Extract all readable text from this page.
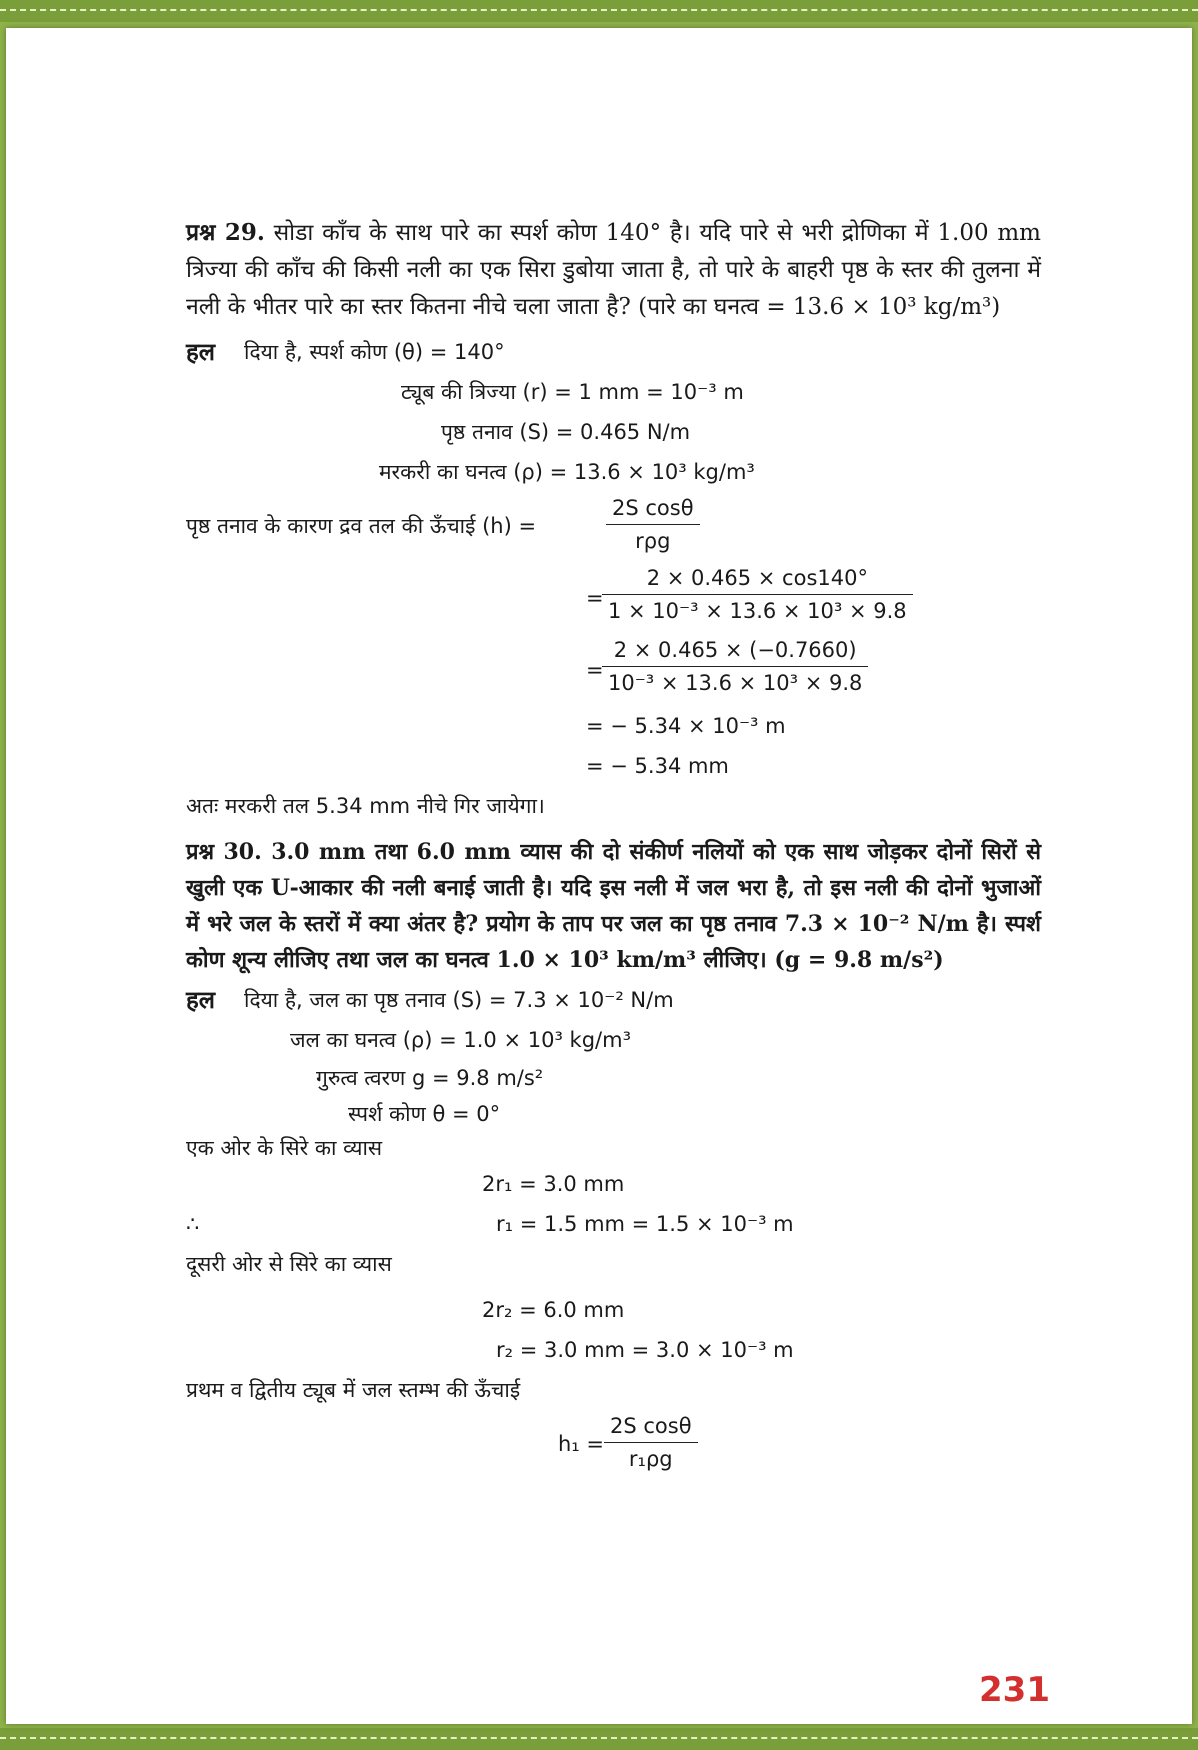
प्रश्न 29. सोडा काँच के साथ पारे का स्पर्श कोण 140° है। यदि पारे से भरी द्रोणिका में 1.00 mm त्रिज्या की काँच की किसी नली का एक सिरा डुबोया जाता है, तो पारे के बाहरी पृष्ठ के स्तर की तुलना में नली के भीतर पारे का स्तर कितना नीचे चला जाता है? (पारे का घनत्व = 13.6 × 10³ kg/m³)

हल दिया है, स्पर्श कोण (θ) = 140°
ट्यूब की त्रिज्या (r) = 1 mm = 10⁻³ m
पृष्ठ तनाव (S) = 0.465 N/m
मरकरी का घनत्व (ρ) = 13.6 × 10³ kg/m³
पृष्ठ तनाव के कारण द्रव तल की ऊँचाई (h) =
2S cosθ
rρg
=
$\frac{2 \times 0.465 \times \cos 140^\circ}{\text{1 × 10⁻³ × 13.6 × 10³ × 9.8}}$
=
$\frac{2 \times 0.465 \times (-0.7660)}{\text{10⁻³ × 13.6 × 10³ × 9.8}}$
= − 5.34 × 10⁻³ m
= − 5.34 mm
अतः मरकरी तल 5.34 mm नीचे गिर जायेगा।

प्रश्न 30. 3.0 mm तथा 6.0 mm व्यास की दो संकीर्ण नलियों को एक साथ जोड़कर दोनों सिरों से खुली एक U-आकार की नली बनाई जाती है। यदि इस नली में जल भरा है, तो इस नली की दोनों भुजाओं में भरे जल के स्तरों में क्या अंतर है? प्रयोग के ताप पर जल का पृष्ठ तनाव 7.3 × 10⁻² N/m है। स्पर्श कोण शून्य लीजिए तथा जल का घनत्व 1.0 × 10³ km/m³ लीजिए। (g = 9.8 m/s²)

हल दिया है, जल का पृष्ठ तनाव (S) = 7.3 × 10⁻² N/m
जल का घनत्व (ρ) = 1.0 × 10³ kg/m³
गुरुत्व त्वरण g = 9.8 m/s²
स्पर्श कोण θ = 0°
एक ओर के सिरे का व्यास
2r₁ = 3.0 mm
∴	r₁ = 1.5 mm = 1.5 × 10⁻³ m
दूसरी ओर से सिरे का व्यास
2r₂ = 6.0 mm
r₂ = 3.0 mm = 3.0 × 10⁻³ m
प्रथम व द्वितीय ट्यूब में जल स्तम्भ की ऊँचाई
$h_1 = \frac{\text{2S cosθ}}{\text{r₁ρg}}$
231
